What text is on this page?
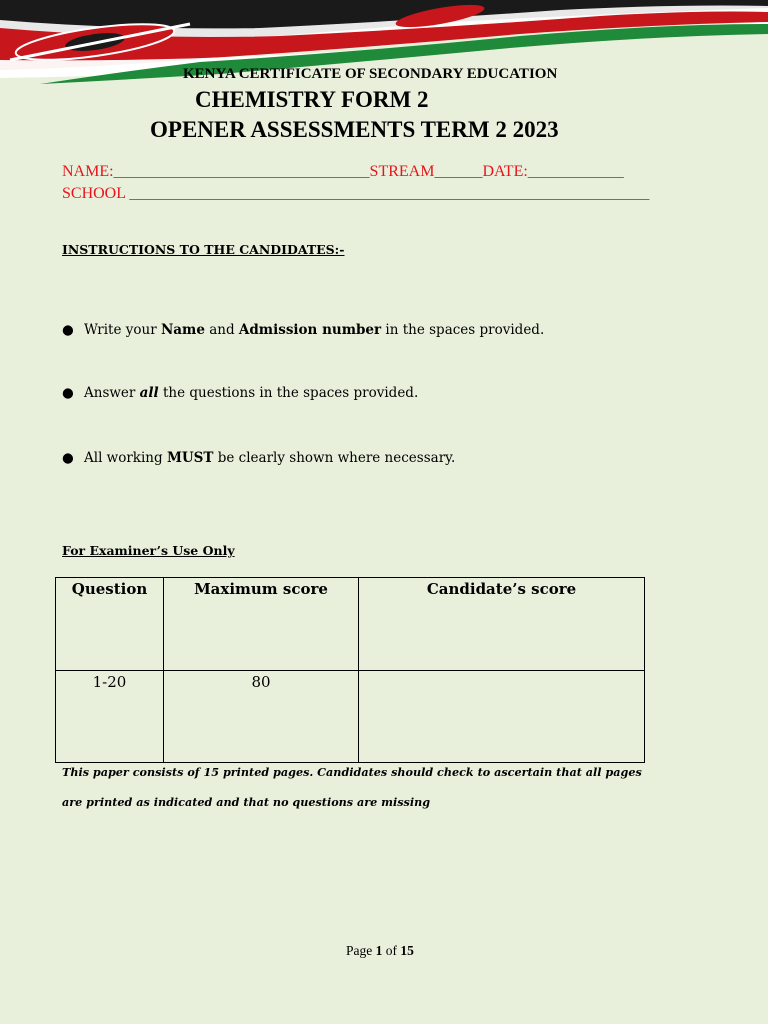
KENYA CERTIFICATE OF SECONDARY EDUCATION
CHEMISTRY FORM 2
OPENER ASSESSMENTS TERM 2 2023
NAME:________________________________STREAM______DATE:____________
SCHOOL _________________________________________________________________
INSTRUCTIONS TO THE CANDIDATES:-
● Write your Name and Admission number in the spaces provided.
● Answer all the questions in the spaces provided.
● All working MUST be clearly shown where necessary.
For Examiner’s Use Only
Question	Maximum score	Candidate’s score
1-20	80	
This paper consists of 15 printed pages. Candidates should check to ascertain that all pages
are printed as indicated and that no questions are missing
Page 1 of 15
